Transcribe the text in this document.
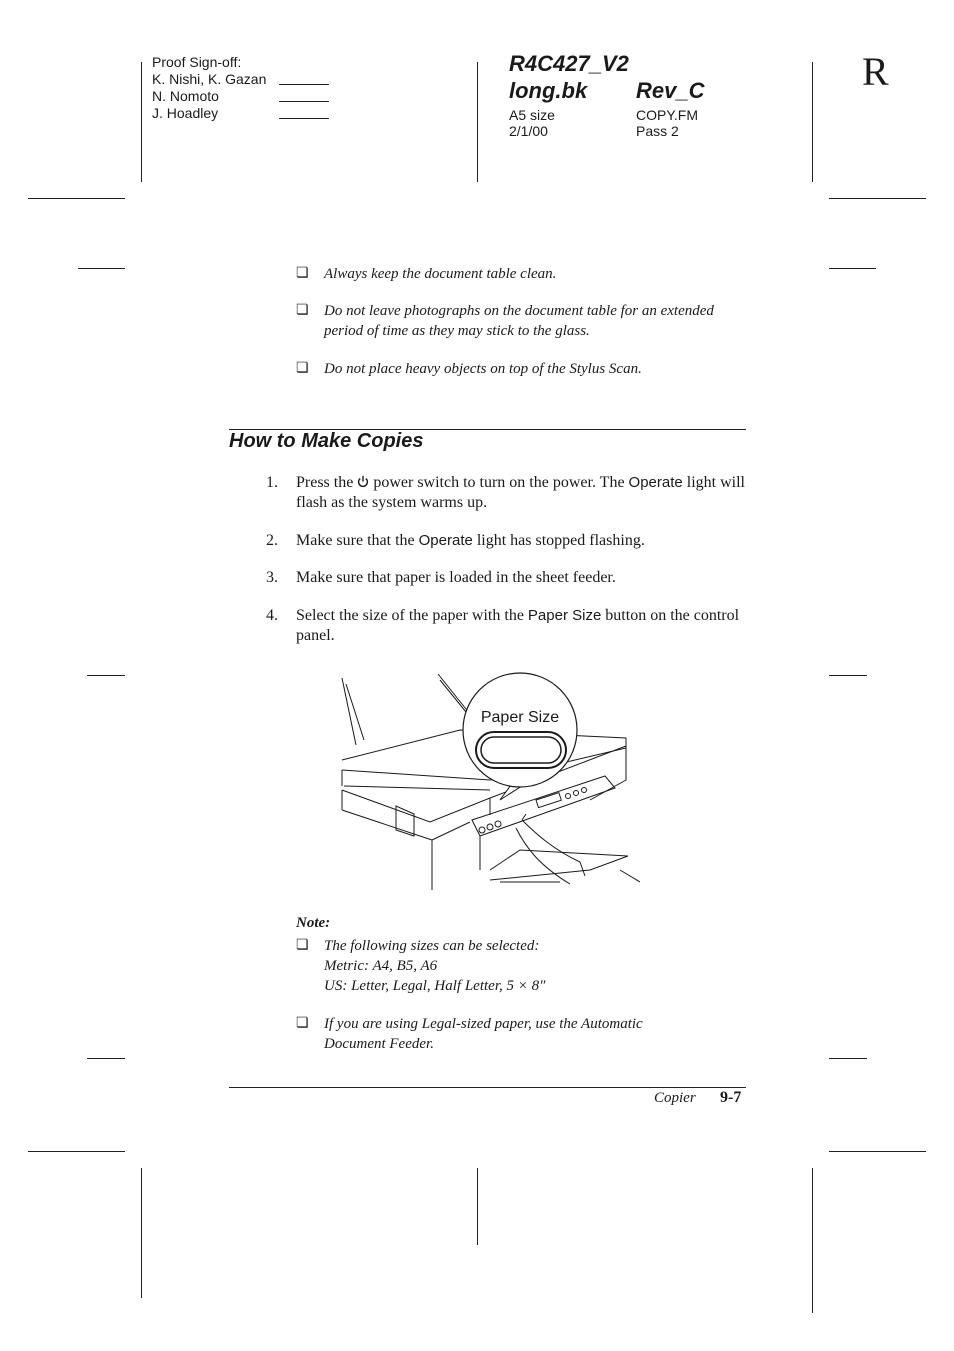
Proof Sign-off:
K. Nishi, K. Gazan
N. Nomoto
J. Hoadley
R4C427_V2
long.bk Rev_C
A5 size
2/1/00
COPY.FM
Pass 2
R
❏	Always keep the document table clean.
❏	Do not leave photographs on the document table for an extended period of time as they may stick to the glass.
❏	Do not place heavy objects on top of the Stylus Scan.
How to Make Copies
1.	Press the power switch to turn on the power. The Operate light will flash as the system warms up.
2.	Make sure that the Operate light has stopped flashing.
3.	Make sure that paper is loaded in the sheet feeder.
4.	Select the size of the paper with the Paper Size button on the control panel.
Paper Size
Note:
❏	The following sizes can be selected:
Metric: A4, B5, A6
US: Letter, Legal, Half Letter, 5 × 8″
❏	If you are using Legal-sized paper, use the Automatic Document Feeder.
Copier 9-7
